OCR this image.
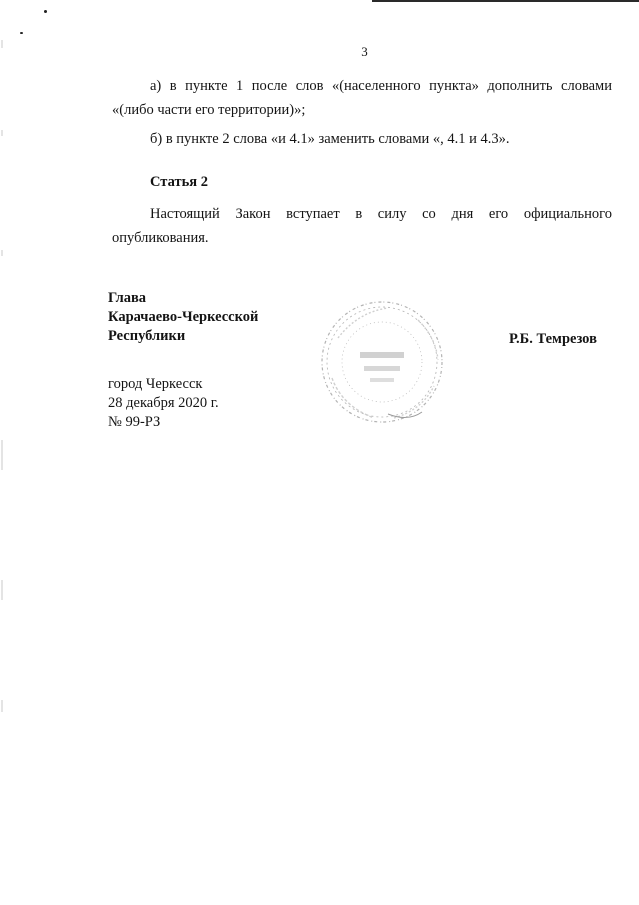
3
а) в пункте 1 после слов «(населенного пункта» дополнить словами
«(либо части его территории)»;
б) в пункте 2 слова «и 4.1» заменить словами «, 4.1 и 4.3».
Статья 2
Настоящий Закон вступает в силу со дня его официального
опубликования.
Глава
Карачаево-Черкесской
Республики	Р.Б. Темрезов
город Черкесск
28 декабря 2020 г.
№ 99-РЗ
